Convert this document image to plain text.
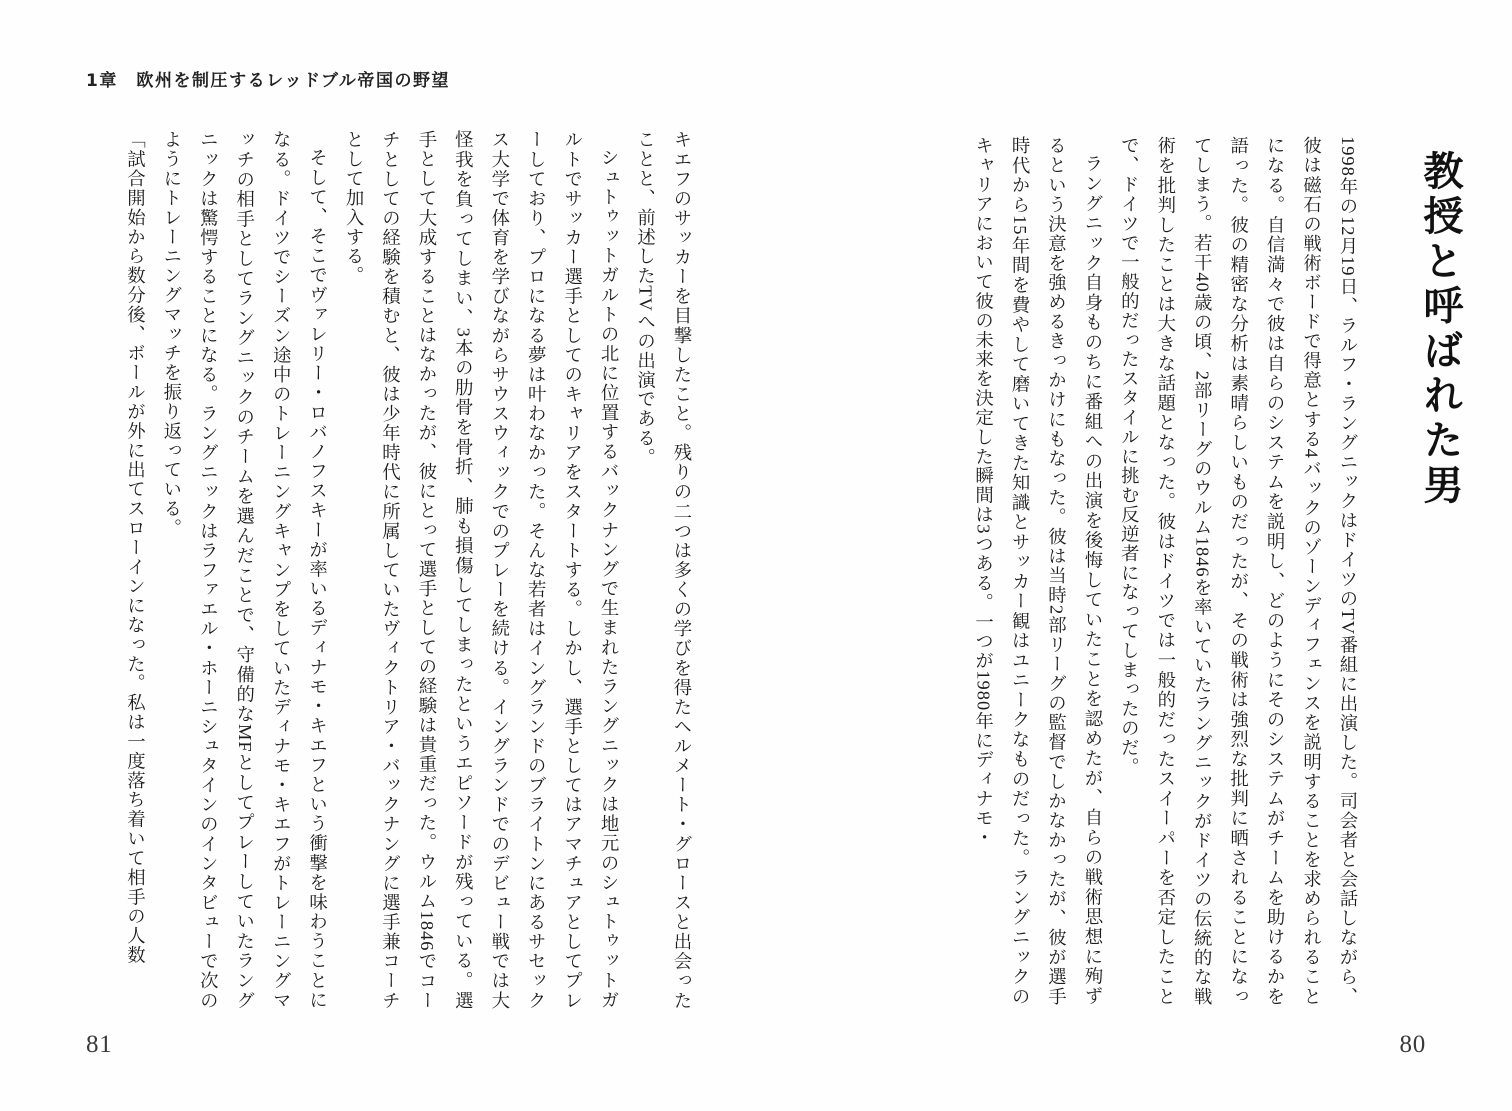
教授と呼ばれた男

1998年の12月19日、ラルフ・ラングニックはドイツのTV番組に出演した。司会者と会話しながら、彼は磁石の戦術ボードで得意とする4バックのゾーンディフェンスを説明することを求められることになる。自信満々で彼は自らのシステムを説明し、どのようにそのシステムがチームを助けるかを語った。彼の精密な分析は素晴らしいものだったが、その戦術は強烈な批判に晒されることになってしまう。若干40歳の頃、2部リーグのウルム1846を率いていたラングニックがドイツの伝統的な戦術を批判したことは大きな話題となった。彼はドイツでは一般的だったスイーパーを否定したことで、ドイツで一般的だったスタイルに挑む反逆者になってしまったのだ。

ラングニック自身ものちに番組への出演を後悔していたことを認めたが、自らの戦術思想に殉ずるという決意を強めるきっかけにもなった。彼は当時2部リーグの監督でしかなかったが、彼が選手時代から15年間を費やして磨いてきた知識とサッカー観はユニークなものだった。ラングニックのキャリアにおいて彼の未来を決定した瞬間は3つある。一つが1980年にディナモ・

80
1章　欧州を制圧するレッドブル帝国の野望

キエフのサッカーを目撃したこと。残りの二つは多くの学びを得たヘルメート・グロースと出会ったことと、前述したTVへの出演である。

シュトゥットガルトの北に位置するバックナングで生まれたラングニックは地元のシュトゥットガルトでサッカー選手としてのキャリアをスタートする。しかし、選手としてはアマチュアとしてプレーしており、プロになる夢は叶わなかった。そんな若者はイングランドのブライトンにあるサセックス大学で体育を学びながらサウスウィックでのプレーを続ける。イングランドでのデビュー戦では大怪我を負ってしまい、3本の肋骨を骨折、肺も損傷してしまったというエピソードが残っている。選手として大成することはなかったが、彼にとって選手としての経験は貴重だった。ウルム1846でコーチとしての経験を積むと、彼は少年時代に所属していたヴィクトリア・バックナングに選手兼コーチとして加入する。

そして、そこでヴァレリー・ロバノフスキーが率いるディナモ・キエフという衝撃を味わうことになる。ドイツでシーズン途中のトレーニングキャンプをしていたディナモ・キエフがトレーニングマッチの相手としてラングニックのチームを選んだことで、守備的なMFとしてプレーしていたラングニックは驚愕することになる。ラングニックはラファエル・ホーニシュタインのインタビューで次のようにトレーニングマッチを振り返っている。

「試合開始から数分後、ボールが外に出てスローインになった。私は一度落ち着いて相手の人数

81
